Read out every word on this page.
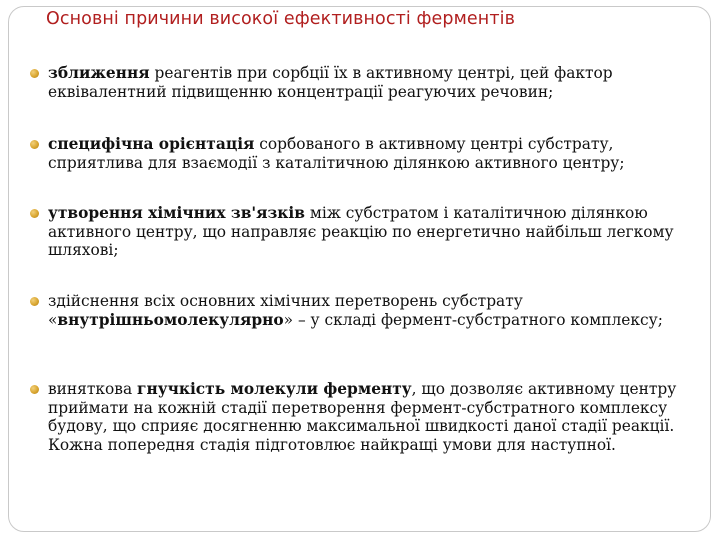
Основні причини високої ефективності ферментів
зближення реагентів при сорбції їх в активному центрі, цей фактор еквівалентний підвищенню концентрації реагуючих речовин;
специфічна орієнтація сорбованого в активному центрі субстрату, сприятлива для взаємодії з каталітичною ділянкою активного центру;
утворення хімічних зв'язків між субстратом і каталітичною ділянкою активного центру, що направляє реакцію по енергетично найбільш легкому шляхові;
здійснення всіх основних хімічних перетворень субстрату «внутрішньомолекулярно» – у складі фермент-субстратного комплексу;
виняткова гнучкість молекули ферменту, що дозволяє активному центру приймати на кожній стадії перетворення фермент-субстратного комплексу будову, що сприяє досягненню максимальної швидкості даної стадії реакції. Кожна попередня стадія підготовлює найкращі умови для наступної.
